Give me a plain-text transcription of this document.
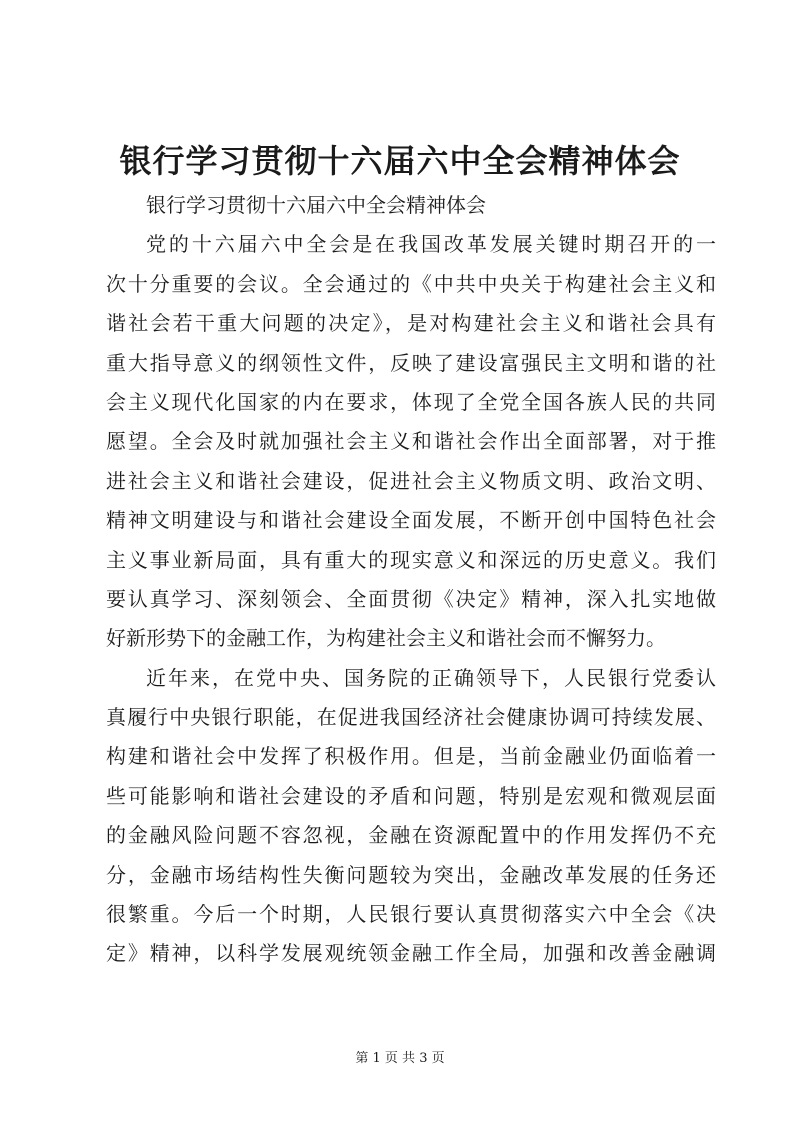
银行学习贯彻十六届六中全会精神体会
银行学习贯彻十六届六中全会精神体会
党的十六届六中全会是在我国改革发展关键时期召开的一
次十分重要的会议。全会通过的《中共中央关于构建社会主义和
谐社会若干重大问题的决定》，是对构建社会主义和谐社会具有
重大指导意义的纲领性文件，反映了建设富强民主文明和谐的社
会主义现代化国家的内在要求，体现了全党全国各族人民的共同
愿望。全会及时就加强社会主义和谐社会作出全面部署，对于推
进社会主义和谐社会建设，促进社会主义物质文明、政治文明、
精神文明建设与和谐社会建设全面发展，不断开创中国特色社会
主义事业新局面，具有重大的现实意义和深远的历史意义。我们
要认真学习、深刻领会、全面贯彻《决定》精神，深入扎实地做
好新形势下的金融工作，为构建社会主义和谐社会而不懈努力。
近年来，在党中央、国务院的正确领导下，人民银行党委认
真履行中央银行职能，在促进我国经济社会健康协调可持续发展、
构建和谐社会中发挥了积极作用。但是，当前金融业仍面临着一
些可能影响和谐社会建设的矛盾和问题，特别是宏观和微观层面
的金融风险问题不容忽视，金融在资源配置中的作用发挥仍不充
分，金融市场结构性失衡问题较为突出，金融改革发展的任务还
很繁重。今后一个时期，人民银行要认真贯彻落实六中全会《决
定》精神，以科学发展观统领金融工作全局，加强和改善金融调
第 1 页 共 3 页
